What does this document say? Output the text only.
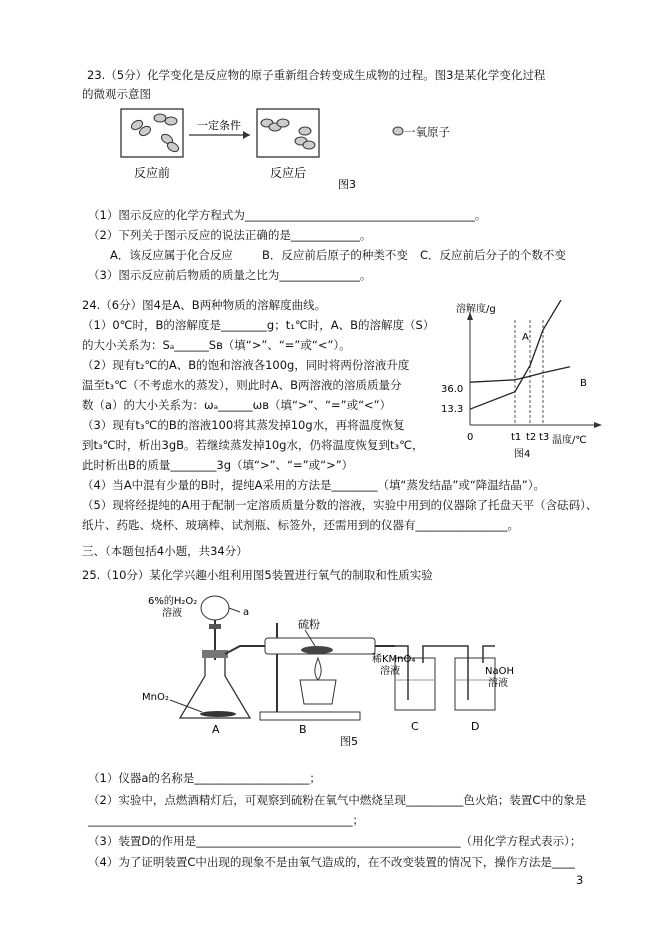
23.（5分）化学变化是反应物的原子重新组合转变成生成物的过程。图3是某化学变化过程
的微观示意图
一定条件
反应前	反应后
图3
一氧原子
（1）图示反应的化学方程式为________________________________________。
（2）下列关于图示反应的说法正确的是____________。
A．该反应属于化合反应	B．反应前后原子的种类不变 C．反应前后分子的个数不变
（3）图示反应前后物质的质量之比为______________。
24.（6分）图4是A、B两种物质的溶解度曲线。
（1）0℃时，B的溶解度是________g；t₁℃时，A、B的溶解度（S）
的大小关系为：Sₐ______Sʙ（填“>”、“=”或“<”）。
（2）现有t₂℃的A、B的饱和溶液各100g，同时将两份溶液升度
温至t₃℃（不考虑水的蒸发），则此时A、B两溶液的溶质质量分
数（a）的大小关系为：ωₐ______ωʙ（填“>”、“=”或“<”）
（3）现有t₃℃的B的溶液100将其蒸发掉10g水，再将温度恢复
到t₃℃时，析出3gB。若继续蒸发掉10g水，仍将温度恢复到t₃℃，
此时析出B的质量________3g（填“>”、“=”或“>”）
（4）当A中混有少量的B时，提纯A采用的方法是________（填“蒸发结晶”或“降温结晶”）。
（5）现将经提纯的A用于配制一定溶质质量分数的溶液，实验中用到的仪器除了托盘天平（含砝码）、
纸片、药匙、烧杯、玻璃棒、试剂瓶、标签外，还需用到的仪器有________________。
溶解度/g
温度/℃
36.0
13.3
0	t1 t2 t3
图4
A
B
三、（本题包括4小题，共34分）
25.（10分）某化学兴趣小组利用图5装置进行氧气的制取和性质实验
6%的H₂O₂
溶液	a
硫粉
MnO₂
稀KMnO₄
溶液	NaOH
溶液
A	B	C	D
图5
（1）仪器a的名称是____________________；
（2）实验中，点燃酒精灯后，可观察到硫粉在氧气中燃烧呈现__________色火焰；装置C中的象是
______________________________________________；
（3）装置D的作用是______________________________________________（用化学方程式表示）；
（4）为了证明装置C中出现的现象不是由氧气造成的，在不改变装置的情况下，操作方法是____
3
